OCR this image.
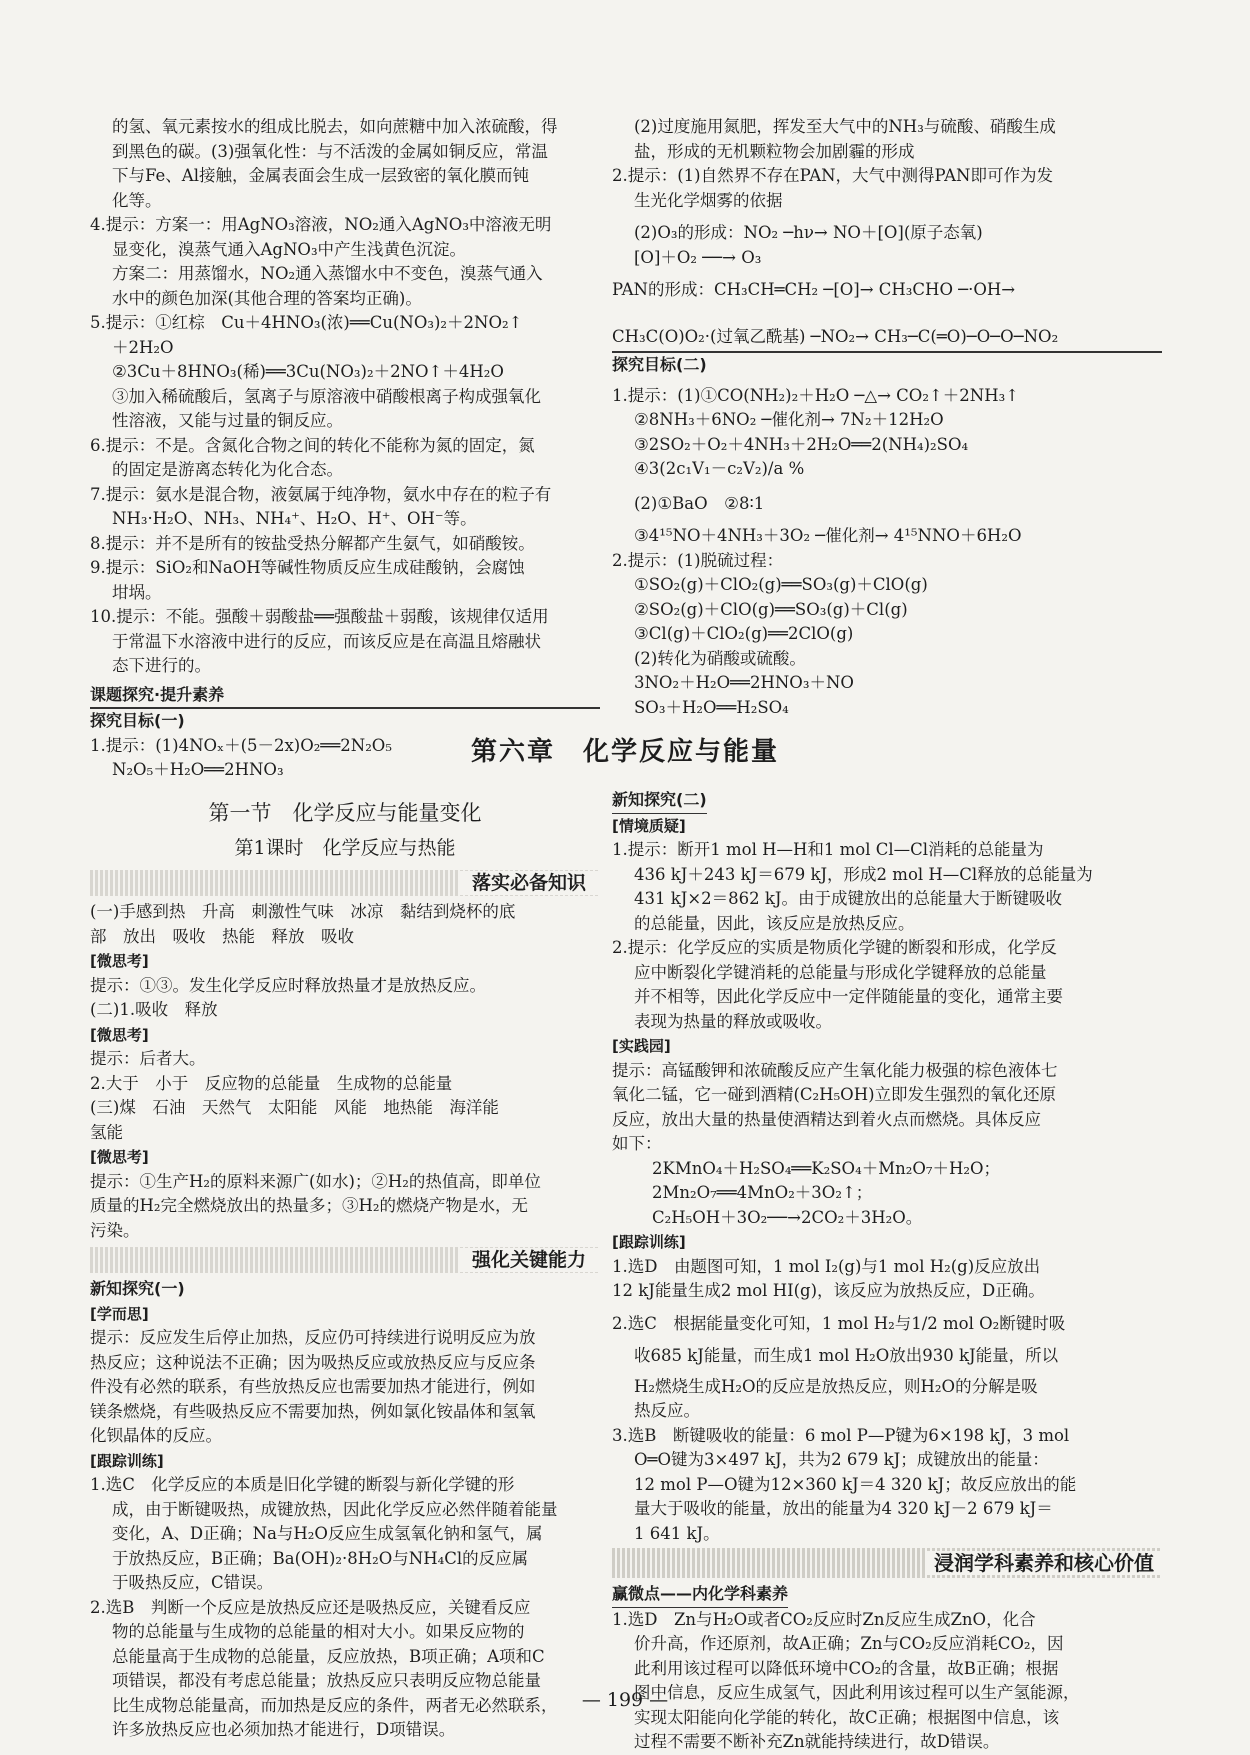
的氢、氧元素按水的组成比脱去，如向蔗糖中加入浓硫酸，得

到黑色的碳。(3)强氧化性：与不活泼的金属如铜反应，常温

下与Fe、Al接触，金属表面会生成一层致密的氧化膜而钝

化等。

4.提示：方案一：用AgNO₃溶液，NO₂通入AgNO₃中溶液无明

显变化，溴蒸气通入AgNO₃中产生浅黄色沉淀。

方案二：用蒸馏水，NO₂通入蒸馏水中不变色，溴蒸气通入

水中的颜色加深(其他合理的答案均正确)。

5.提示：①红棕　Cu＋4HNO₃(浓)══Cu(NO₃)₂＋2NO₂↑

＋2H₂O

②3Cu＋8HNO₃(稀)══3Cu(NO₃)₂＋2NO↑＋4H₂O

③加入稀硫酸后，氢离子与原溶液中硝酸根离子构成强氧化

性溶液，又能与过量的铜反应。

6.提示：不是。含氮化合物之间的转化不能称为氮的固定，氮

的固定是游离态转化为化合态。

7.提示：氨水是混合物，液氨属于纯净物，氨水中存在的粒子有

NH₃·H₂O、NH₃、NH₄⁺、H₂O、H⁺、OH⁻等。

8.提示：并不是所有的铵盐受热分解都产生氨气，如硝酸铵。

9.提示：SiO₂和NaOH等碱性物质反应生成硅酸钠，会腐蚀

坩埚。

10.提示：不能。强酸＋弱酸盐══强酸盐＋弱酸，该规律仅适用

于常温下水溶液中进行的反应，而该反应是在高温且熔融状

态下进行的。

课题探究·提升素养

探究目标(一)

1.提示：(1)4NOₓ＋(5－2x)O₂══2N₂O₅

N₂O₅＋H₂O══2HNO₃

(2)过度施用氮肥，挥发至大气中的NH₃与硫酸、硝酸生成

盐，形成的无机颗粒物会加剧霾的形成

2.提示：(1)自然界不存在PAN，大气中测得PAN即可作为发

生光化学烟雾的依据

(2)O₃的形成：NO₂ ─hν→ NO＋[O](原子态氧)

[O]＋O₂ ──→ O₃

PAN的形成：CH₃CH═CH₂ ─[O]→ CH₃CHO ─·OH→

CH₃C(O)O₂·(过氧乙酰基) ─NO₂→ CH₃─C(═O)─O─O─NO₂

探究目标(二)

1.提示：(1)①CO(NH₂)₂＋H₂O ─△→ CO₂↑＋2NH₃↑

②8NH₃＋6NO₂ ─催化剂→ 7N₂＋12H₂O

③2SO₂＋O₂＋4NH₃＋2H₂O══2(NH₄)₂SO₄

④3(2c₁V₁－c₂V₂)/a %

(2)①BaO　②8∶1

③4¹⁵NO＋4NH₃＋3O₂ ─催化剂→ 4¹⁵NNO＋6H₂O

2.提示：(1)脱硫过程：

①SO₂(g)＋ClO₂(g)══SO₃(g)＋ClO(g)

②SO₂(g)＋ClO(g)══SO₃(g)＋Cl(g)

③Cl(g)＋ClO₂(g)══2ClO(g)

(2)转化为硝酸或硫酸。

3NO₂＋H₂O══2HNO₃＋NO

SO₃＋H₂O══H₂SO₄

第六章　化学反应与能量

第一节　化学反应与能量变化

第1课时　化学反应与热能

落实必备知识

(一)手感到热　升高　刺激性气味　冰凉　黏结到烧杯的底

部　放出　吸收　热能　释放　吸收

[微思考]

提示：①③。发生化学反应时释放热量才是放热反应。

(二)1.吸收　释放

[微思考]

提示：后者大。

2.大于　小于　反应物的总能量　生成物的总能量

(三)煤　石油　天然气　太阳能　风能　地热能　海洋能

氢能

[微思考]

提示：①生产H₂的原料来源广(如水)；②H₂的热值高，即单位

质量的H₂完全燃烧放出的热量多；③H₂的燃烧产物是水，无

污染。

强化关键能力

新知探究(一)

[学而思]

提示：反应发生后停止加热，反应仍可持续进行说明反应为放

热反应；这种说法不正确；因为吸热反应或放热反应与反应条

件没有必然的联系，有些放热反应也需要加热才能进行，例如

镁条燃烧，有些吸热反应不需要加热，例如氯化铵晶体和氢氧

化钡晶体的反应。

[跟踪训练]

1.选C　化学反应的本质是旧化学键的断裂与新化学键的形

成，由于断键吸热，成键放热，因此化学反应必然伴随着能量

变化，A、D正确；Na与H₂O反应生成氢氧化钠和氢气，属

于放热反应，B正确；Ba(OH)₂·8H₂O与NH₄Cl的反应属

于吸热反应，C错误。

2.选B　判断一个反应是放热反应还是吸热反应，关键看反应

物的总能量与生成物的总能量的相对大小。如果反应物的

总能量高于生成物的总能量，反应放热，B项正确；A项和C

项错误，都没有考虑总能量；放热反应只表明反应物总能量

比生成物总能量高，而加热是反应的条件，两者无必然联系，

许多放热反应也必须加热才能进行，D项错误。

新知探究(二)

[情境质疑]

1.提示：断开1 mol H—H和1 mol Cl—Cl消耗的总能量为

436 kJ＋243 kJ＝679 kJ，形成2 mol H—Cl释放的总能量为

431 kJ×2＝862 kJ。由于成键放出的总能量大于断键吸收

的总能量，因此，该反应是放热反应。

2.提示：化学反应的实质是物质化学键的断裂和形成，化学反

应中断裂化学键消耗的总能量与形成化学键释放的总能量

并不相等，因此化学反应中一定伴随能量的变化，通常主要

表现为热量的释放或吸收。

[实践园]

提示：高锰酸钾和浓硫酸反应产生氧化能力极强的棕色液体七

氧化二锰，它一碰到酒精(C₂H₅OH)立即发生强烈的氧化还原

反应，放出大量的热量使酒精达到着火点而燃烧。具体反应

如下：

2KMnO₄＋H₂SO₄══K₂SO₄＋Mn₂O₇＋H₂O；

2Mn₂O₇══4MnO₂＋3O₂↑；

C₂H₅OH＋3O₂──→2CO₂＋3H₂O。

[跟踪训练]

1.选D　由题图可知，1 mol I₂(g)与1 mol H₂(g)反应放出

12 kJ能量生成2 mol HI(g)，该反应为放热反应，D正确。

2.选C　根据能量变化可知，1 mol H₂与1/2 mol O₂断键时吸

收685 kJ能量，而生成1 mol H₂O放出930 kJ能量，所以

H₂燃烧生成H₂O的反应是放热反应，则H₂O的分解是吸

热反应。

3.选B　断键吸收的能量：6 mol P—P键为6×198 kJ，3 mol

O═O键为3×497 kJ，共为2 679 kJ；成键放出的能量：

12 mol P—O键为12×360 kJ＝4 320 kJ；故反应放出的能

量大于吸收的能量，放出的能量为4 320 kJ－2 679 kJ＝

1 641 kJ。

浸润学科素养和核心价值

赢微点——内化学科素养

1.选D　Zn与H₂O或者CO₂反应时Zn反应生成ZnO，化合

价升高，作还原剂，故A正确；Zn与CO₂反应消耗CO₂，因

此利用该过程可以降低环境中CO₂的含量，故B正确；根据

图中信息，反应生成氢气，因此利用该过程可以生产氢能源，

实现太阳能向化学能的转化，故C正确；根据图中信息，该

过程不需要不断补充Zn就能持续进行，故D错误。

— 199 —
